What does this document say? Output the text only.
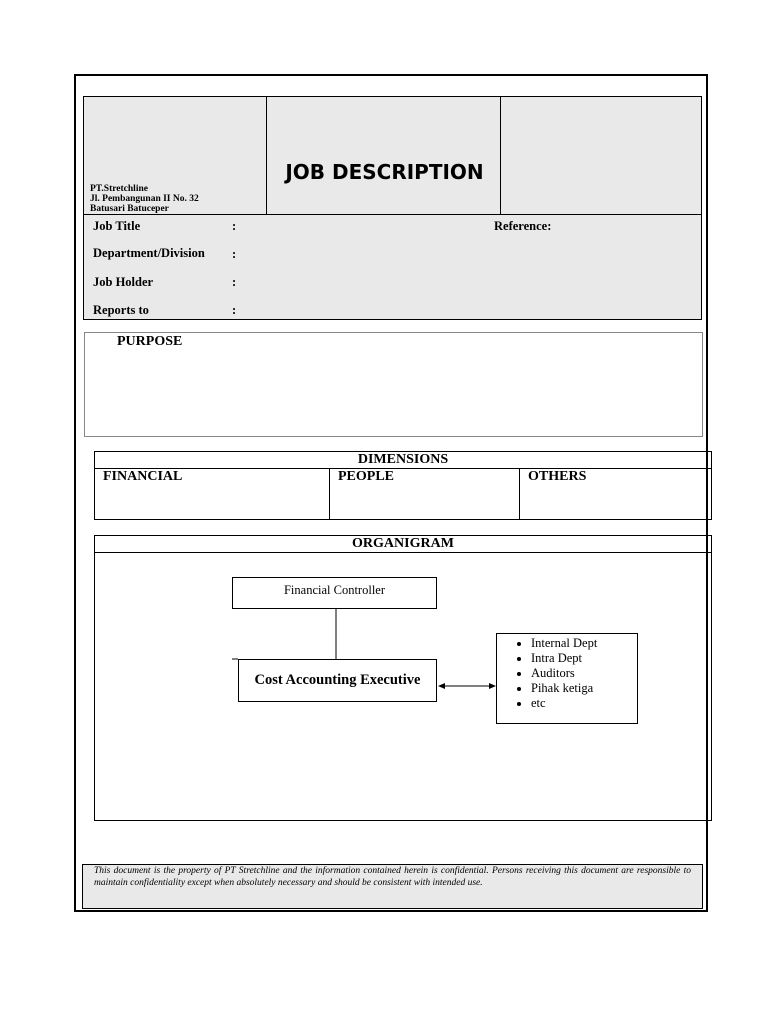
PT.Stretchline
Jl. Pembangunan II No. 32
Batusari Batuceper
JOB DESCRIPTION
Job Title	:	Reference:
Department/Division :
Job Holder	:
Reports to	:
PURPOSE
DIMENSIONS
FINANCIAL	PEOPLE	OTHERS
ORGANIGRAM
Financial Controller
Cost Accounting Executive
• Internal Dept
• Intra Dept
• Auditors
• Pihak ketiga
• etc

This document is the property of PT Stretchline and the information contained herein is confidential. Persons receiving this document are responsible to maintain confidentiality except when absolutely necessary and should be consistent with intended use.
